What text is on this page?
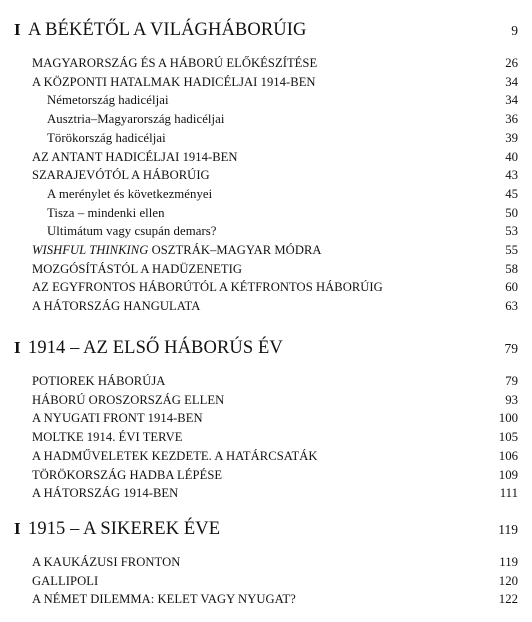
I A BÉKÉTŐL A VILÁGHÁBORÚIG	9
MAGYARORSZÁG ÉS A HÁBORÚ ELŐKÉSZÍTÉSE	26
A KÖZPONTI HATALMAK HADICÉLJAI 1914-BEN	34
Németország hadicéljai	34
Ausztria–Magyarország hadicéljai	36
Törökország hadicéljai	39
AZ ANTANT HADICÉLJAI 1914-BEN	40
SZARAJEVÓTÓL A HÁBORÚIG	43
A merénylet és következményei	45
Tisza – mindenki ellen	50
Ultimátum vagy csupán demars?	53
WISHFUL THINKING OSZTRÁK–MAGYAR MÓDRA	55
MOZGÓSÍTÁSTÓL A HADÜZENETIG	58
AZ EGYFRONTOS HÁBORÚTÓL A KÉTFRONTOS HÁBORÚIG	60
A HÁTORSZÁG HANGULATA	63
I 1914 – AZ ELSŐ HÁBORÚS ÉV	79
POTIOREK HÁBORÚJA	79
HÁBORÚ OROSZORSZÁG ELLEN	93
A NYUGATI FRONT 1914-BEN	100
MOLTKE 1914. ÉVI TERVE	105
A HADMŰVELETEK KEZDETE. A HATÁRCSATÁK	106
TÖRÖKORSZÁG HADBA LÉPÉSE	109
A HÁTORSZÁG 1914-BEN	111
I 1915 – A SIKEREK ÉVE	119
A KAUKÁZUSI FRONTON	119
GALLIPOLI	120
A NÉMET DILEMMA: KELET VAGY NYUGAT?	122
